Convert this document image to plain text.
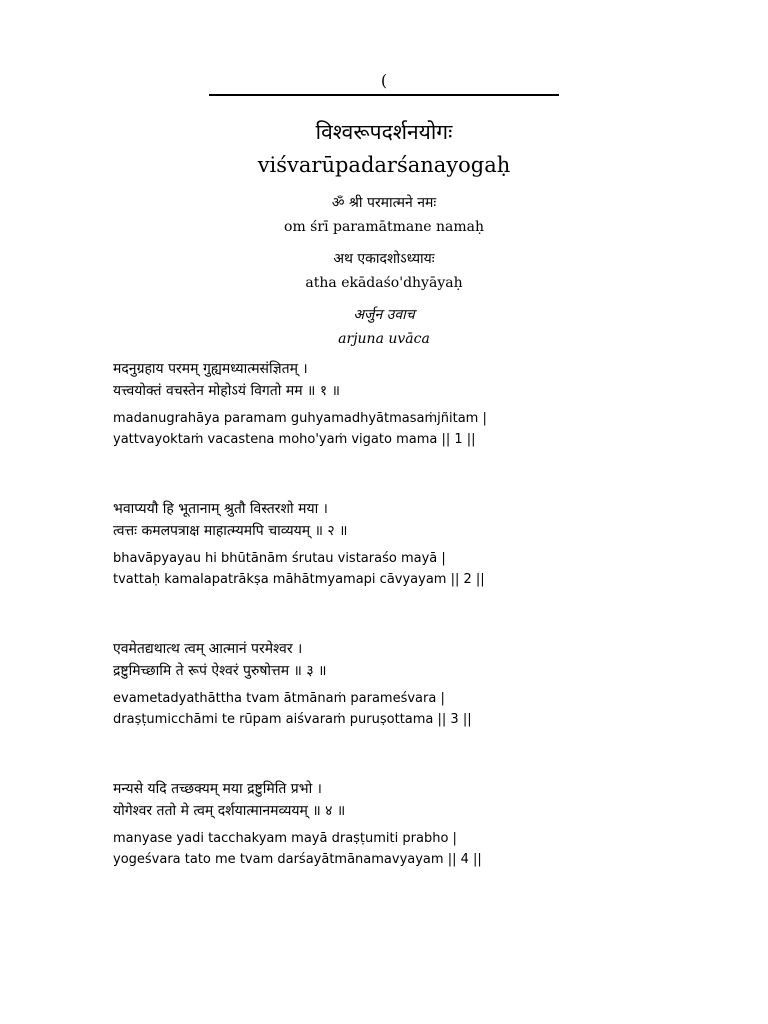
(
विश्वरूपदर्शनयोगः
viśvarūpadarśanayogaḥ
ॐ श्री परमात्मने नमः
om śrī paramātmane namaḥ
अथ एकादशोऽध्यायः
atha ekādaśo'dhyāyaḥ
अर्जुन उवाच
arjuna uvāca
मदनुग्रहाय परमम् गुह्यमध्यात्मसंज्ञितम् ।
यत्त्वयोक्तं वचस्तेन मोहोऽयं विगतो मम ॥ १ ॥
madanugrahāya paramam guhyamadhyātmasaṁjñitam |
yattvayoktaṁ vacastena moho'yaṁ vigato mama || 1 ||
भवाप्ययौ हि भूतानाम् श्रुतौ विस्तरशो मया ।
त्वत्तः कमलपत्राक्ष माहात्म्यमपि चाव्ययम् ॥ २ ॥
bhavāpyayau hi bhūtānām śrutau vistaraśo mayā |
tvattaḥ kamalapatrākṣa māhātmyamapi cāvyayam || 2 ||
एवमेतद्यथात्थ त्वम् आत्मानं परमेश्वर ।
द्रष्टुमिच्छामि ते रूपं ऐश्वरं पुरुषोत्तम ॥ ३ ॥
evametadyathāttha tvam ātmānaṁ parameśvara |
draṣṭumicchāmi te rūpam aiśvaraṁ puruṣottama || 3 ||
मन्यसे यदि तच्छक्यम् मया द्रष्टुमिति प्रभो ।
योगेश्वर ततो मे त्वम् दर्शयात्मानमव्ययम् ॥ ४ ॥
manyase yadi tacchakyam mayā draṣṭumiti prabho |
yogeśvara tato me tvam darśayātmānamavyayam || 4 ||
